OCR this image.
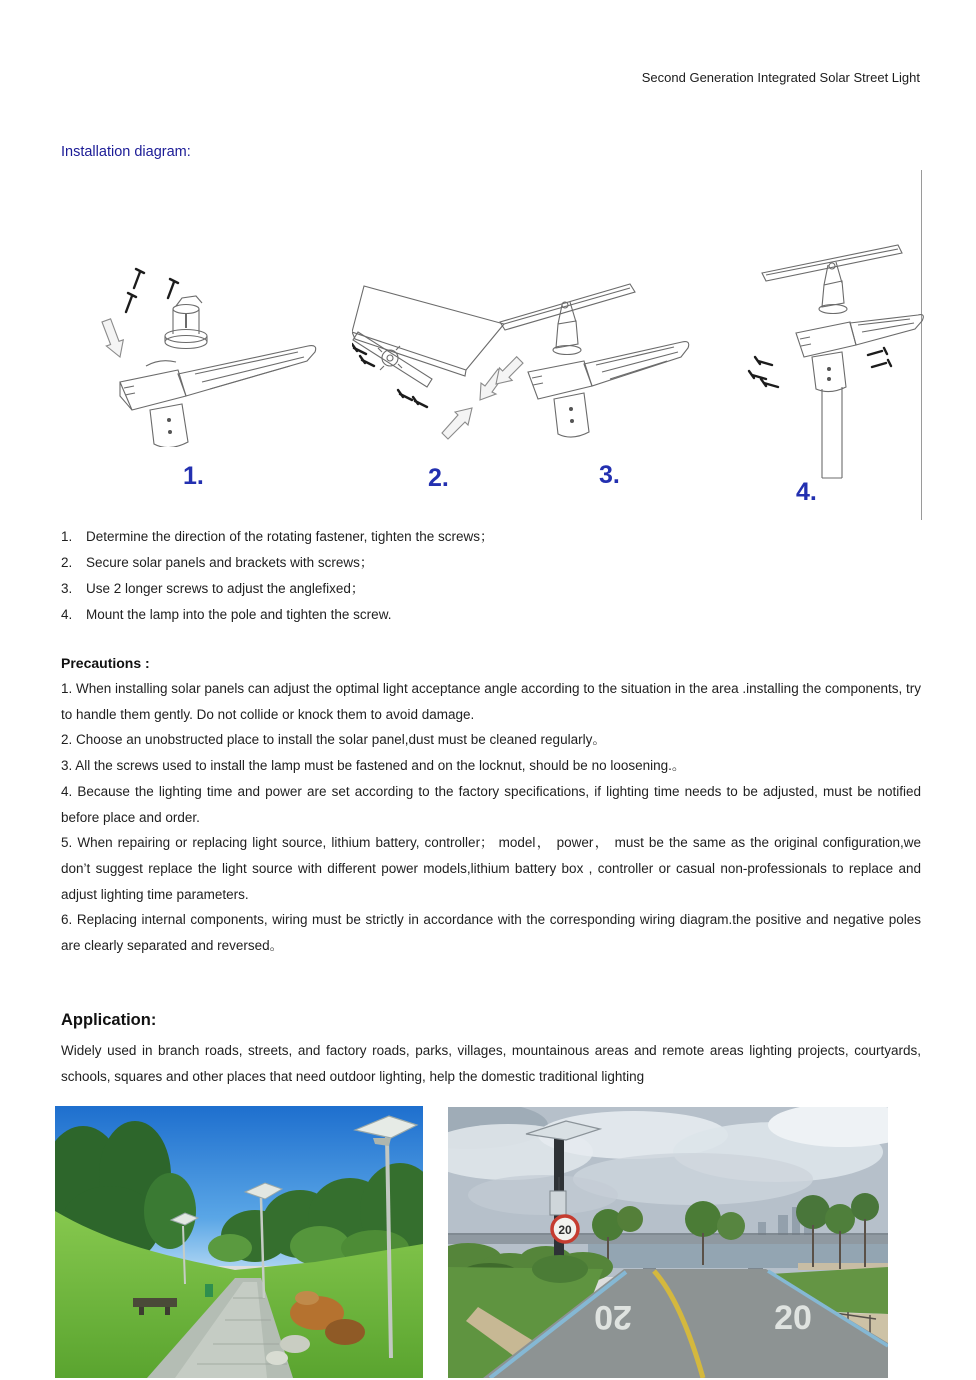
Second Generation Integrated Solar Street Light
Installation diagram:
1.	2.	3.
4.
1.	Determine the direction of the rotating fastener, tighten the screws；
2.	Secure solar panels and brackets with screws；
3.	Use 2 longer screws to adjust the anglefixed；
4.	Mount the lamp into the pole and tighten the screw.
Precautions :

1. When installing solar panels can adjust the optimal light acceptance angle according to the situation in the area .installing the components, try to handle them gently. Do not collide or knock them to avoid damage.

2. Choose an unobstructed place to install the solar panel,dust must be cleaned regularly。

3. All the screws used to install the lamp must be fastened and on the locknut, should be no loosening.。

4. Because the lighting time and power are set according to the factory specifications, if lighting time needs to be adjusted, must be notified before place and order.

5. When repairing or replacing light source, lithium battery, controller； model， power， must be the same as the original configuration,we don’t suggest replace the light source with different power models,lithium battery box , controller or casual non-professionals to replace and adjust lighting time parameters.

6. Replacing internal components, wiring must be strictly in accordance with the corresponding wiring diagram.the positive and negative poles are clearly separated and reversed。

Application:

Widely used in branch roads, streets, and factory roads, parks, villages, mountainous areas and remote areas lighting projects, courtyards, schools, squares and other places that need outdoor lighting, help the domestic traditional lighting

20	20
20
